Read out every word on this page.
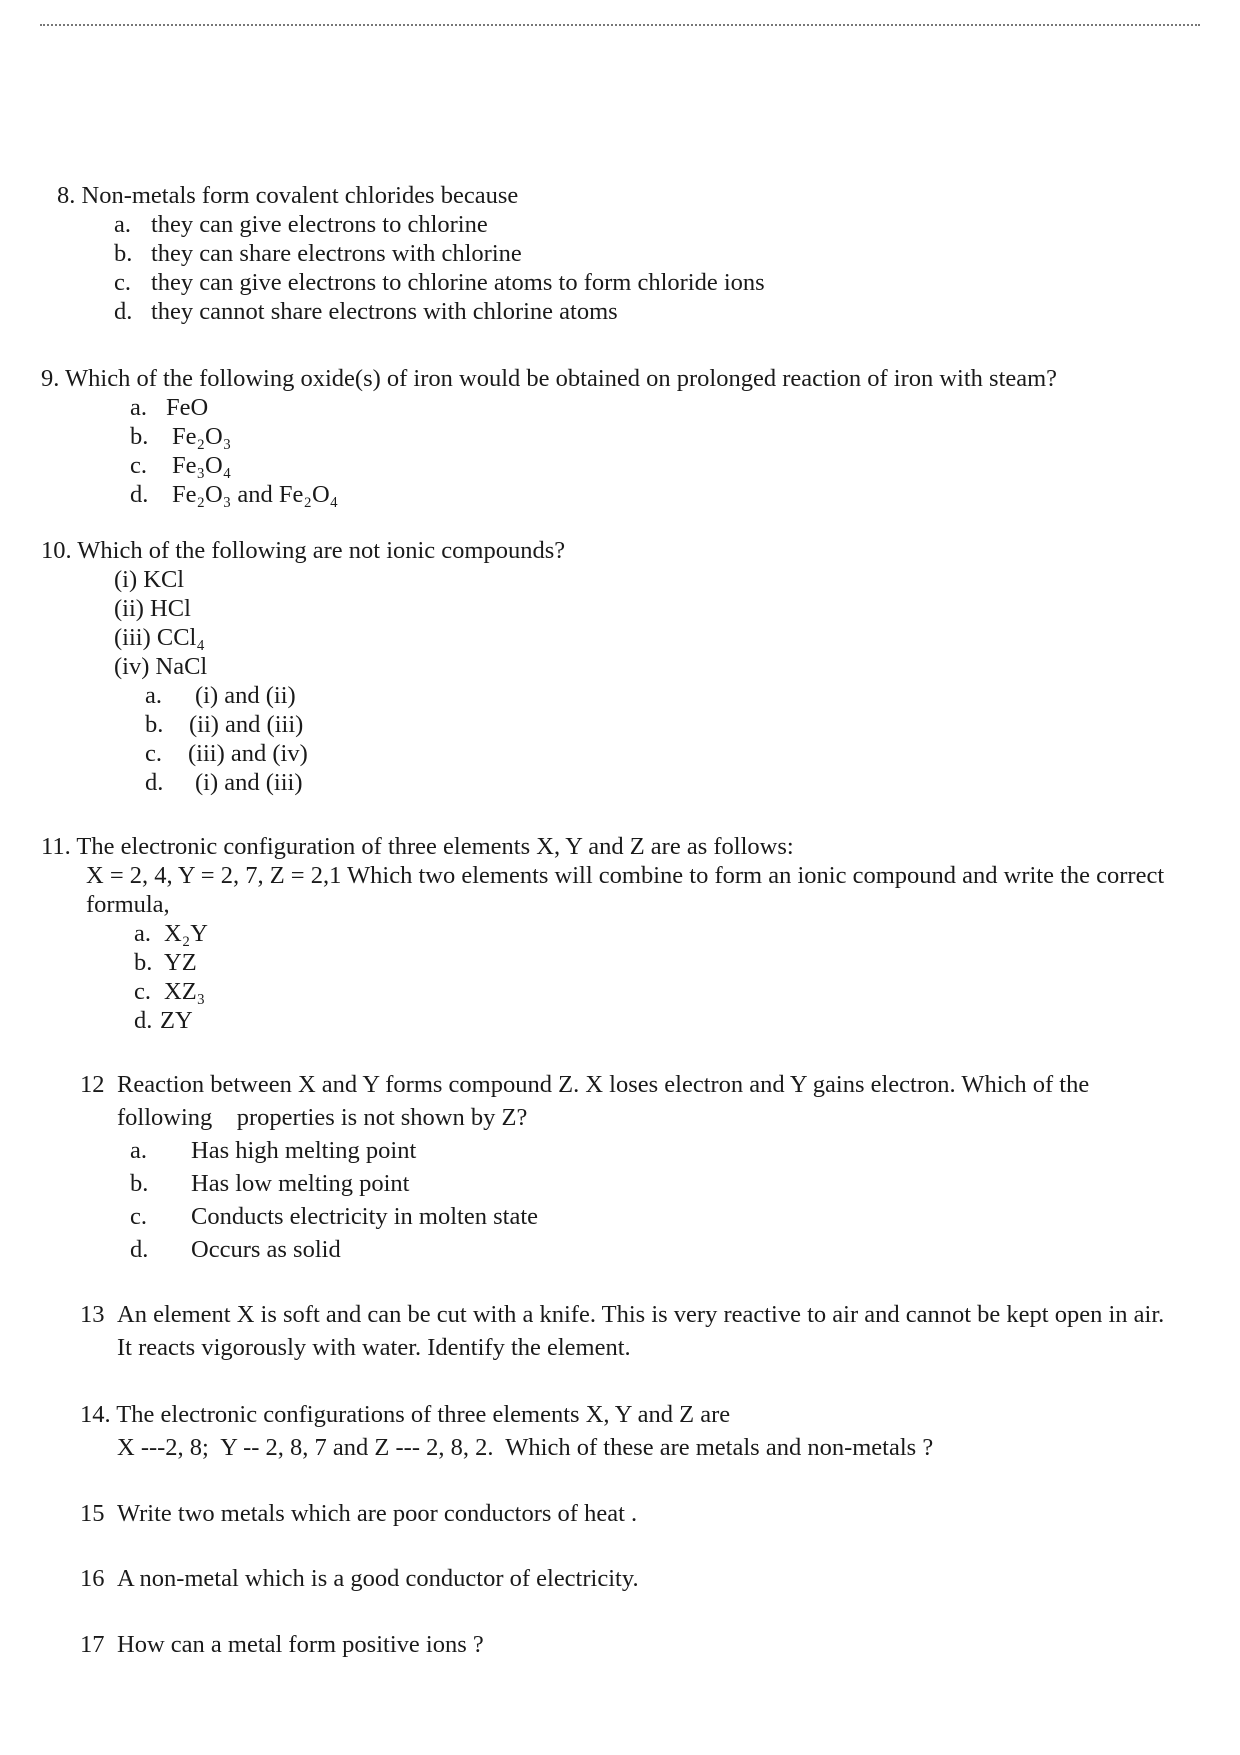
8. Non-metals form covalent chlorides because
a. they can give electrons to chlorine
b. they can share electrons with chlorine
c. they can give electrons to chlorine atoms to form chloride ions
d. they cannot share electrons with chlorine atoms
9. Which of the following oxide(s) of iron would be obtained on prolonged reaction of iron with steam?
a. FeO
b. Fe₂O₃
c. Fe₃O₄
d. Fe₂O₃ and Fe₂O₄
10. Which of the following are not ionic compounds?
(i) KCl
(ii) HCl
(iii) CCl₄
(iv) NaCl
a. (i) and (ii)
b. (ii) and (iii)
c. (iii) and (iv)
d. (i) and (iii)
11. The electronic configuration of three elements X, Y and Z are as follows:
X = 2, 4, Y = 2, 7, Z = 2,1 Which two elements will combine to form an ionic compound and write the correct
formula,
a. X₂Y
b. YZ
c. XZ₃
d. ZY
12 Reaction between X and Y forms compound Z. X loses electron and Y gains electron. Which of the
following    properties is not shown by Z?
a. Has high melting point
b. Has low melting point
c. Conducts electricity in molten state
d. Occurs as solid
13 An element X is soft and can be cut with a knife. This is very reactive to air and cannot be kept open in air.
It reacts vigorously with water. Identify the element.
14. The electronic configurations of three elements X, Y and Z are
X ---2, 8;  Y -- 2, 8, 7 and Z --- 2, 8, 2.  Which of these are metals and non-metals ?
15 Write two metals which are poor conductors of heat .
16 A non-metal which is a good conductor of electricity.
17 How can a metal form positive ions ?
